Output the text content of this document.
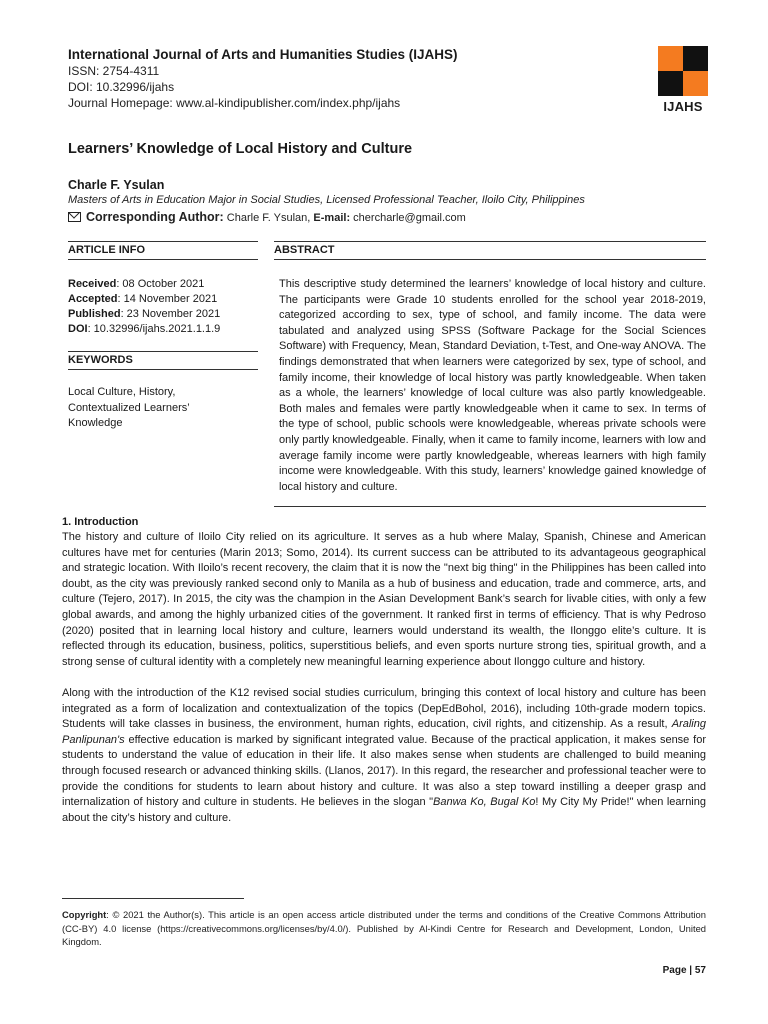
International Journal of Arts and Humanities Studies (IJAHS)
ISSN: 2754-4311
DOI: 10.32996/ijahs
Journal Homepage: www.al-kindipublisher.com/index.php/ijahs	IJAHS
Learners’ Knowledge of Local History and Culture
Charle F. Ysulan
Masters of Arts in Education Major in Social Studies, Licensed Professional Teacher, Iloilo City, Philippines
Corresponding Author: Charle F. Ysulan, E-mail: chercharle@gmail.com
ARTICLE INFO	ABSTRACT
Received: 08 October 2021
Accepted: 14 November 2021
Published: 23 November 2021
DOI: 10.32996/ijahs.2021.1.1.9
KEYWORDS
Local Culture, History,
Contextualized Learners’
Knowledge
This descriptive study determined the learners’ knowledge of local history and culture. The participants were Grade 10 students enrolled for the school year 2018-2019, categorized according to sex, type of school, and family income. The data were tabulated and analyzed using SPSS (Software Package for the Social Sciences Software) with Frequency, Mean, Standard Deviation, t-Test, and One-way ANOVA. The findings demonstrated that when learners were categorized by sex, type of school, and family income, their knowledge of local history was partly knowledgeable. When taken as a whole, the learners’ knowledge of local culture was also partly knowledgeable. Both males and females were partly knowledgeable when it came to sex. In terms of the type of school, public schools were knowledgeable, whereas private schools were only partly knowledgeable. Finally, when it came to family income, learners with low and average family income were partly knowledgeable, whereas learners with high family income were knowledgeable. With this study, learners’ knowledge gained knowledge of local history and culture.
1. Introduction
The history and culture of Iloilo City relied on its agriculture. It serves as a hub where Malay, Spanish, Chinese and American cultures have met for centuries (Marin 2013; Somo, 2014). Its current success can be attributed to its advantageous geographical and strategic location. With Iloilo’s recent recovery, the claim that it is now the "next big thing" in the Philippines has been called into doubt, as the city was previously ranked second only to Manila as a hub of business and education, trade and commerce, arts, and culture (Tejero, 2017). In 2015, the city was the champion in the Asian Development Bank’s search for livable cities, with only a few global awards, and among the highly urbanized cities of the government. It ranked first in terms of efficiency. That is why Pedroso (2020) posited that in learning local history and culture, learners would understand its wealth, the Ilonggo elite’s culture. It is reflected through its education, business, politics, superstitious beliefs, and even sports nurture strong ties, spiritual growth, and a strong sense of cultural identity with a completely new meaningful learning experience about Ilonggo culture and history.
Along with the introduction of the K12 revised social studies curriculum, bringing this context of local history and culture has been integrated as a form of localization and contextualization of the topics (DepEdBohol, 2016), including 10th-grade modern topics. Students will take classes in business, the environment, human rights, education, civil rights, and citizenship. As a result, Araling Panlipunan's effective education is marked by significant integrated value. Because of the practical application, it makes sense for students to understand the value of education in their life. It also makes sense when students are challenged to build meaning through focused research or advanced thinking skills. (Llanos, 2017). In this regard, the researcher and professional teacher were to provide the conditions for students to learn about history and culture. It was also a step toward instilling a deeper grasp and internalization of history and culture in students. He believes in the slogan "Banwa Ko, Bugal Ko! My City My Pride!" when learning about the city’s history and culture.
Copyright: © 2021 the Author(s). This article is an open access article distributed under the terms and conditions of the Creative Commons Attribution (CC-BY) 4.0 license (https://creativecommons.org/licenses/by/4.0/). Published by Al-Kindi Centre for Research and Development, London, United Kingdom.
Page | 57
